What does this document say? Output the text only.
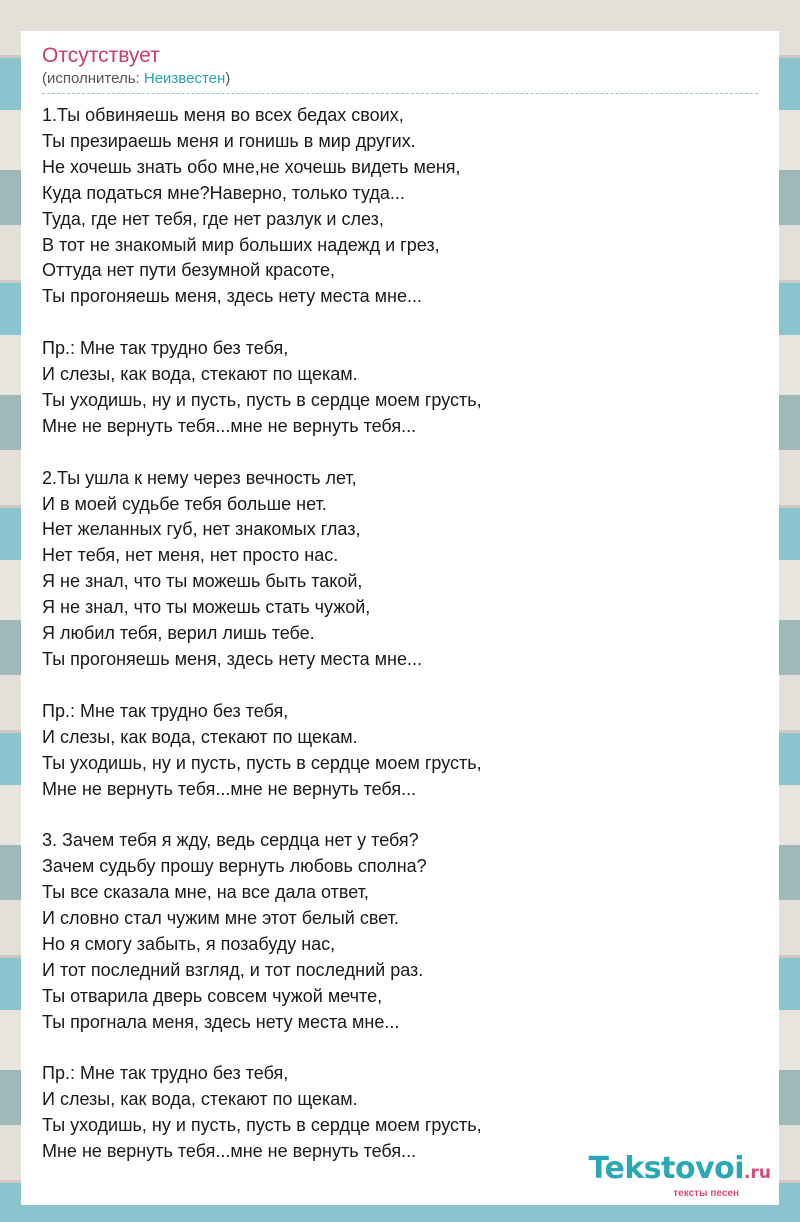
Отсутствует
(исполнитель: Неизвестен)
1.Ты обвиняешь меня во всех бедах своих,
Ты презираешь меня и гонишь в мир других.
Не хочешь знать обо мне,не хочешь видеть меня,
Куда податься мне?Наверно, только туда...
Туда, где нет тебя, где нет разлук и слез,
В тот не знакомый мир больших надежд и грез,
Оттуда нет пути безумной красоте,
Ты прогоняешь меня, здесь нету места мне...
Пр.: Мне так трудно без тебя,
И слезы, как вода, стекают по щекам.
Ты уходишь, ну и пусть, пусть в сердце моем грусть,
Мне не вернуть тебя...мне не вернуть тебя...
2.Ты ушла к нему через вечность лет,
И в моей судьбе тебя больше нет.
Нет желанных губ, нет знакомых глаз,
Нет тебя, нет меня, нет просто нас.
Я не знал, что ты можешь быть такой,
Я не знал, что ты можешь стать чужой,
Я любил тебя, верил лишь тебе.
Ты прогоняешь меня, здесь нету места мне...
Пр.: Мне так трудно без тебя,
И слезы, как вода, стекают по щекам.
Ты уходишь, ну и пусть, пусть в сердце моем грусть,
Мне не вернуть тебя...мне не вернуть тебя...
3. Зачем тебя я жду, ведь сердца нет у тебя?
Зачем судьбу прошу вернуть любовь сполна?
Ты все сказала мне, на все дала ответ,
И словно стал чужим мне этот белый свет.
Но я смогу забыть, я позабуду нас,
И тот последний взгляд, и тот последний раз.
Ты отварила дверь совсем чужой мечте,
Ты прогнала меня, здесь нету места мне...
Пр.: Мне так трудно без тебя,
И слезы, как вода, стекают по щекам.
Ты уходишь, ну и пусть, пусть в сердце моем грусть,
Мне не вернуть тебя...мне не вернуть тебя...	Tekstovoi.ru
тексты песен
